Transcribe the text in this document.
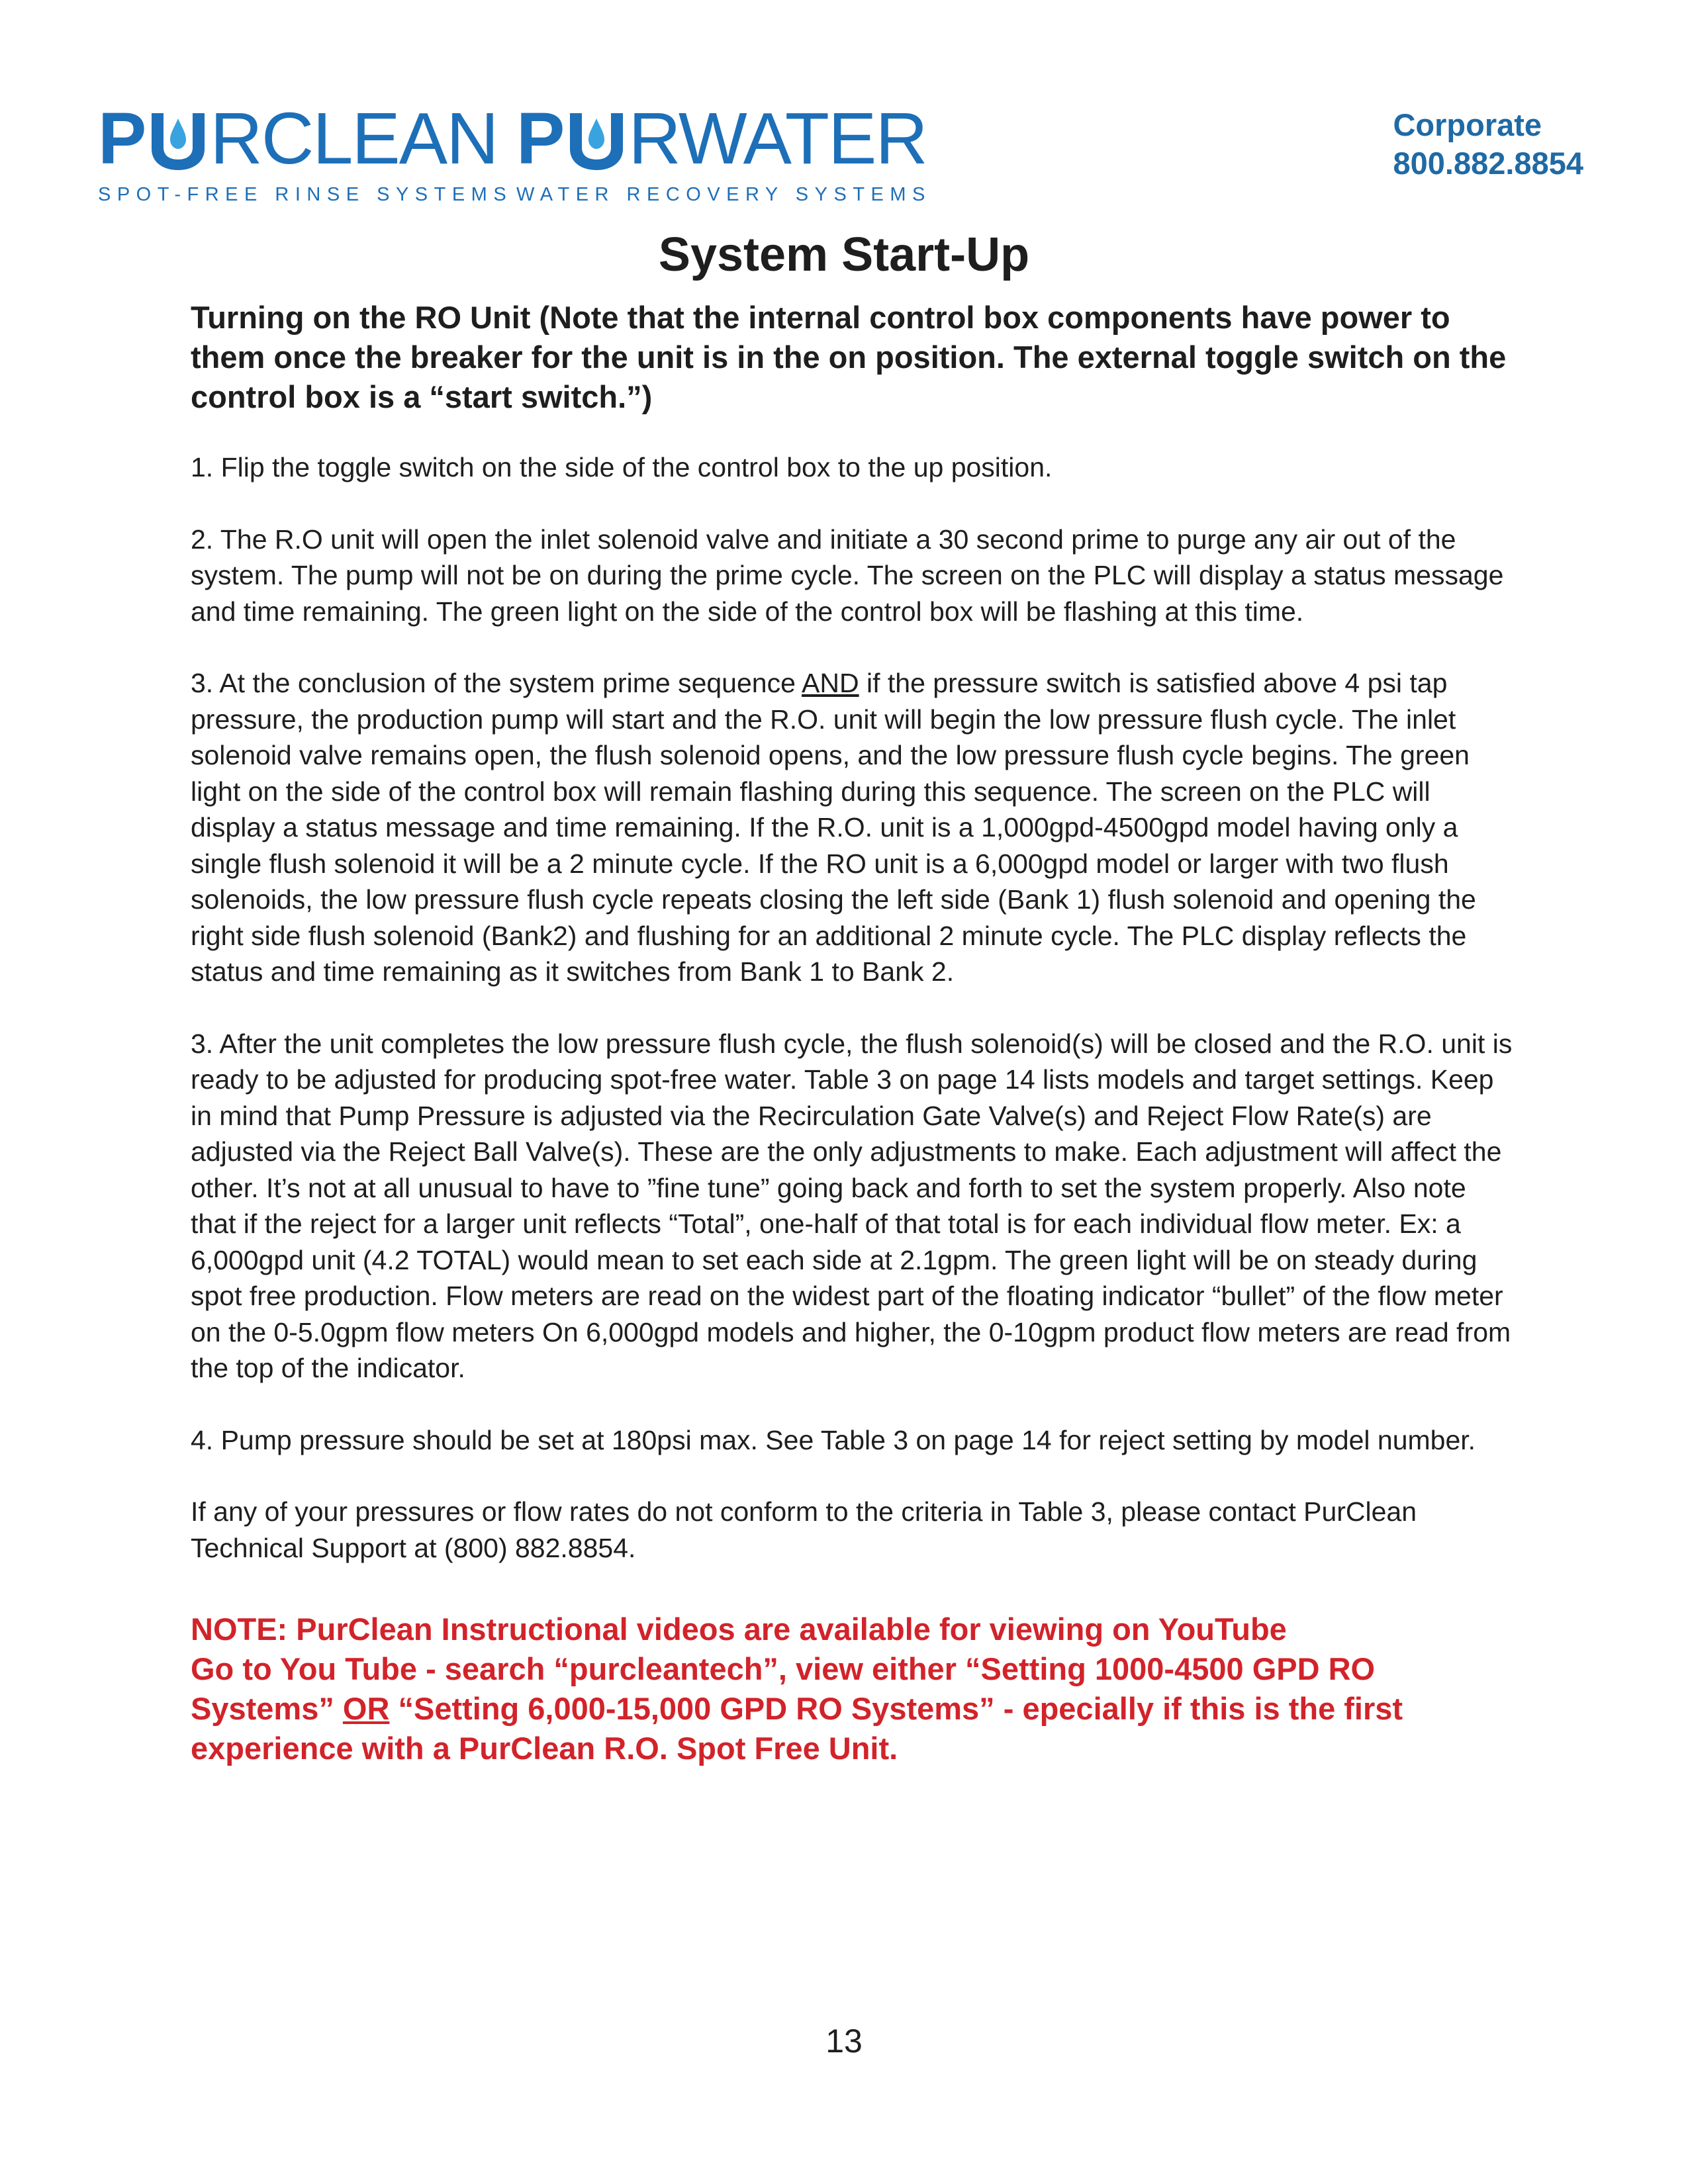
P RCLEAN
SPOT-FREE RINSE SYSTEMS
P RWATER
WATER RECOVERY SYSTEMS
Corporate
800.882.8854
System Start-Up

Turning on the RO Unit (Note that the internal control box components have power to them once the breaker for the unit is in the on position. The external toggle switch on the control box is a “start switch.”)

1. Flip the toggle switch on the side of the control box to the up position.

2. The R.O unit will open the inlet solenoid valve and initiate a 30 second prime to purge any air out of the system. The pump will not be on during the prime cycle. The screen on the PLC will display a status message and time remaining. The green light on the side of the control box will be flashing at this time.

3. At the conclusion of the system prime sequence AND if the pressure switch is satisfied above 4 psi tap pressure, the production pump will start and the R.O. unit will begin the low pressure flush cycle. The inlet solenoid valve remains open, the flush solenoid opens, and the low pressure flush cycle begins. The green light on the side of the control box will remain flashing during this sequence. The screen on the PLC will display a status message and time remaining. If the R.O. unit is a 1,000gpd-4500gpd model having only a single flush solenoid it will be a 2 minute cycle. If the RO unit is a 6,000gpd model or larger with two flush solenoids, the low pressure flush cycle repeats closing the left side (Bank 1) flush solenoid and opening the right side flush solenoid (Bank2) and flushing for an additional 2 minute cycle. The PLC display reflects the status and time remaining as it switches from Bank 1 to Bank 2.

3. After the unit completes the low pressure flush cycle, the flush solenoid(s) will be closed and the R.O. unit is ready to be adjusted for producing spot-free water. Table 3 on page 14 lists models and target settings. Keep in mind that Pump Pressure is adjusted via the Recirculation Gate Valve(s) and Reject Flow Rate(s) are adjusted via the Reject Ball Valve(s). These are the only adjustments to make. Each adjustment will affect the other. It’s not at all unusual to have to ”fine tune” going back and forth to set the system properly. Also note that if the reject for a larger unit reflects “Total”, one-half of that total is for each individual flow meter. Ex: a 6,000gpd unit (4.2 TOTAL) would mean to set each side at 2.1gpm. The green light will be on steady during spot free production. Flow meters are read on the widest part of the floating indicator “bullet” of the flow meter on the 0-5.0gpm flow meters On 6,000gpd models and higher, the 0-10gpm product flow meters are read from the top of the indicator.

4. Pump pressure should be set at 180psi max. See Table 3 on page 14 for reject setting by model number.

If any of your pressures or flow rates do not conform to the criteria in Table 3, please contact PurClean Technical Support at (800) 882.8854.

NOTE: PurClean Instructional videos are available for viewing on YouTube
Go to You Tube - search “purcleantech”, view either “Setting 1000-4500 GPD RO Systems” OR “Setting 6,000-15,000 GPD RO Systems” - epecially if this is the first experience with a PurClean R.O. Spot Free Unit.

13
